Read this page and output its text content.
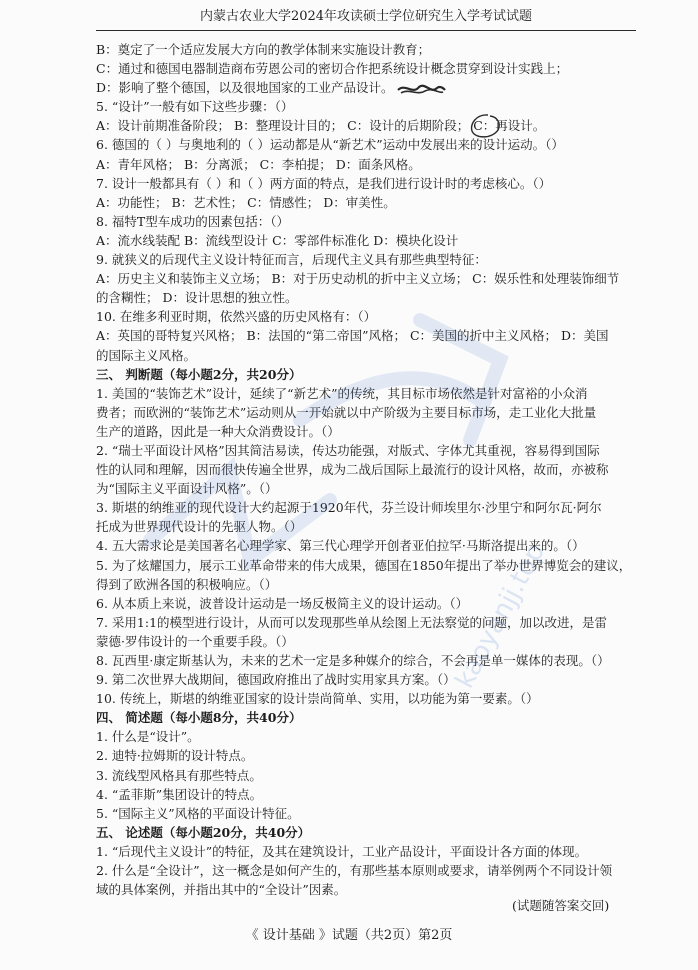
内蒙古农业大学2024年攻读硕士学位研究生入学考试试题
B：奠定了一个适应发展大方向的教学体制来实施设计教育；
C：通过和德国电器制造商布劳恩公司的密切合作把系统设计概念贯穿到设计实践上；
D：影响了整个德国，以及很地国家的工业产品设计。
5. “设计”一般有如下这些步骤：（）
A：设计前期准备阶段； B：整理设计目的； C：设计的后期阶段； C：再设计。
6. 德国的（ ）与奥地利的（ ）运动都是从“新艺术”运动中发展出来的设计运动。（）
A：青年风格； B：分离派； C：李柏提； D：面条风格。
7. 设计一般都具有（ ）和（ ）两方面的特点，是我们进行设计时的考虑核心。（）
A：功能性； B：艺术性； C：情感性； D：审美性。
8. 福特T型车成功的因素包括：（）
A：流水线装配 B：流线型设计 C：零部件标准化 D：模块化设计
9. 就狭义的后现代主义设计特征而言，后现代主义具有那些典型特征：
A：历史主义和装饰主义立场； B：对于历史动机的折中主义立场； C：娱乐性和处理装饰细节
的含糊性； D：设计思想的独立性。
10. 在维多利亚时期，依然兴盛的历史风格有：（）
A：英国的哥特复兴风格； B：法国的“第二帝国”风格； C：美国的折中主义风格； D：美国
的国际主义风格。
三、 判断题（每小题2分，共20分）
1. 美国的“装饰艺术”设计，延续了“新艺术”的传统，其目标市场依然是针对富裕的小众消
费者；而欧洲的“装饰艺术”运动则从一开始就以中产阶级为主要目标市场，走工业化大批量
生产的道路，因此是一种大众消费设计。（）
2. “瑞士平面设计风格”因其简洁易读，传达功能强，对版式、字体尤其重视，容易得到国际
性的认同和理解，因而很快传遍全世界，成为二战后国际上最流行的设计风格，故而，亦被称
为“国际主义平面设计风格”。（）
3. 斯堪的纳维亚的现代设计大约起源于1920年代，芬兰设计师埃里尔·沙里宁和阿尔瓦·阿尔
托成为世界现代设计的先驱人物。（）
4. 五大需求论是美国著名心理学家、第三代心理学开创者亚伯拉罕·马斯洛提出来的。（）
5. 为了炫耀国力，展示工业革命带来的伟大成果，德国在1850年提出了举办世界博览会的建议，
得到了欧洲各国的积极响应。（）
6. 从本质上来说，波普设计运动是一场反极简主义的设计运动。（）
7. 采用1:1的模型进行设计，从而可以发现那些单从绘图上无法察觉的问题，加以改进，是雷
蒙德·罗伟设计的一个重要手段。（）
8. 瓦西里·康定斯基认为，未来的艺术一定是多种媒介的综合，不会再是单一媒体的表现。（）
9. 第二次世界大战期间，德国政府推出了战时实用家具方案。（）
10. 传统上，斯堪的纳维亚国家的设计崇尚简单、实用，以功能为第一要素。（）
四、 简述题（每小题8分，共40分）
1. 什么是“设计”。
2. 迪特·拉姆斯的设计特点。
3. 流线型风格具有那些特点。
4. “孟菲斯”集团设计的特点。
5. “国际主义”风格的平面设计特征。
五、 论述题（每小题20分，共40分）
1. “后现代主义设计”的特征，及其在建筑设计，工业产品设计，平面设计各方面的体现。
2. 什么是“全设计”，这一概念是如何产生的，有那些基本原则或要求，请举例两个不同设计领
域的具体案例，并指出其中的“全设计”因素。
(试题随答案交回)
《 设计基础 》试题（共2页）第2页
kaoyanjj.top
